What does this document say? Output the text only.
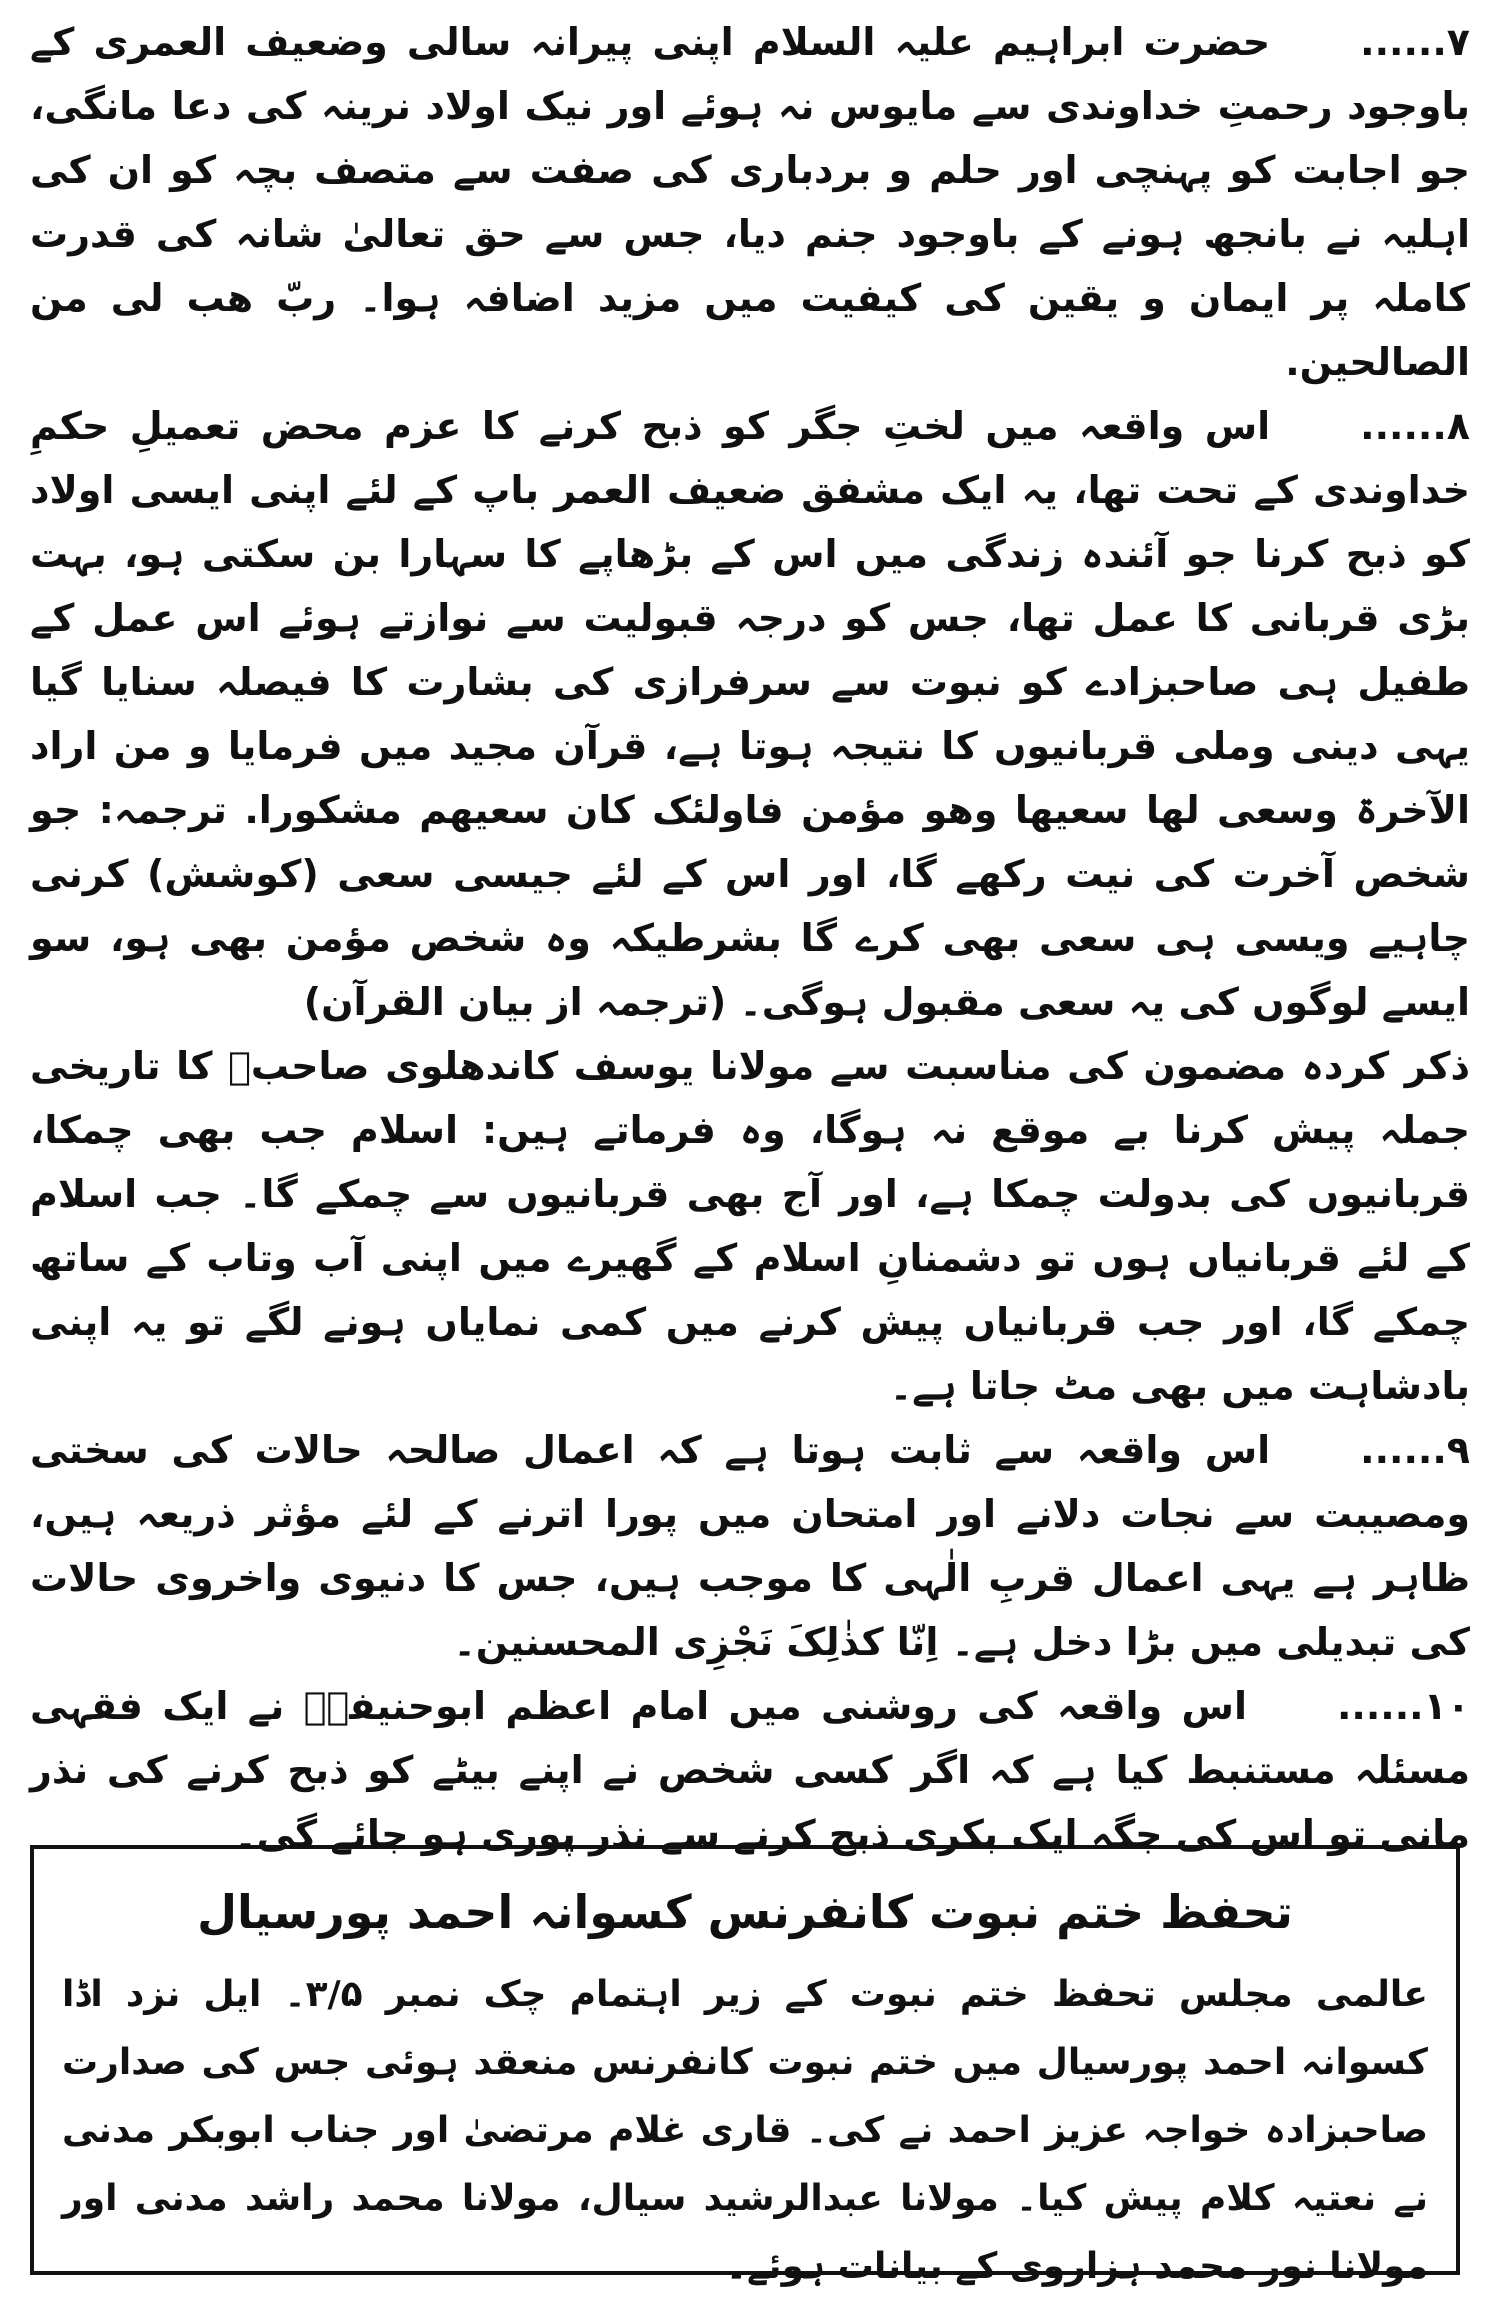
۷......حضرت ابراہیم علیہ السلام اپنی پیرانہ سالی وضعیف العمری کے باوجود رحمتِ خداوندی سے مایوس نہ ہوئے اور نیک اولاد نرینہ کی دعا مانگی، جو اجابت کو پہنچی اور حلم و بردباری کی صفت سے متصف بچہ کو ان کی اہلیہ نے بانجھ ہونے کے باوجود جنم دیا، جس سے حق تعالیٰ شانہ کی قدرت کاملہ پر ایمان و یقین کی کیفیت میں مزید اضافہ ہوا۔ ربّ ھب لی من الصالحین.

۸......اس واقعہ میں لختِ جگر کو ذبح کرنے کا عزم محض تعمیلِ حکمِ خداوندی کے تحت تھا، یہ ایک مشفق ضعیف العمر باپ کے لئے اپنی ایسی اولاد کو ذبح کرنا جو آئندہ زندگی میں اس کے بڑھاپے کا سہارا بن سکتی ہو، بہت بڑی قربانی کا عمل تھا، جس کو درجہ قبولیت سے نوازتے ہوئے اس عمل کے طفیل ہی صاحبزادے کو نبوت سے سرفرازی کی بشارت کا فیصلہ سنایا گیا یہی دینی وملی قربانیوں کا نتیجہ ہوتا ہے، قرآن مجید میں فرمایا و من اراد الآخرۃ وسعی لھا سعیھا وھو مؤمن فاولئک کان سعیھم مشکورا. ترجمہ: جو شخص آخرت کی نیت رکھے گا، اور اس کے لئے جیسی سعی (کوشش) کرنی چاہیے ویسی ہی سعی بھی کرے گا بشرطیکہ وہ شخص مؤمن بھی ہو، سو ایسے لوگوں کی یہ سعی مقبول ہوگی۔ (ترجمہ از بیان القرآن)

ذکر کردہ مضمون کی مناسبت سے مولانا یوسف کاندھلوی صاحبؒ کا تاریخی جملہ پیش کرنا بے موقع نہ ہوگا، وہ فرماتے ہیں: اسلام جب بھی چمکا، قربانیوں کی بدولت چمکا ہے، اور آج بھی قربانیوں سے چمکے گا۔ جب اسلام کے لئے قربانیاں ہوں تو دشمنانِ اسلام کے گھیرے میں اپنی آب وتاب کے ساتھ چمکے گا، اور جب قربانیاں پیش کرنے میں کمی نمایاں ہونے لگے تو یہ اپنی بادشاہت میں بھی مٹ جاتا ہے۔

۹......اس واقعہ سے ثابت ہوتا ہے کہ اعمال صالحہ حالات کی سختی ومصیبت سے نجات دلانے اور امتحان میں پورا اترنے کے لئے مؤثر ذریعہ ہیں، ظاہر ہے یہی اعمال قربِ الٰہی کا موجب ہیں، جس کا دنیوی واخروی حالات کی تبدیلی میں بڑا دخل ہے۔ اِنّا کذٰلِکَ نَجْزِی المحسنین۔

۱۰......اس واقعہ کی روشنی میں امام اعظم ابوحنیفہؒ نے ایک فقہی مسئلہ مستنبط کیا ہے کہ اگر کسی شخص نے اپنے بیٹے کو ذبح کرنے کی نذر مانی تو اس کی جگہ ایک بکری ذبح کرنے سے نذر پوری ہو جائے گی۔

تحفظ ختم نبوت کانفرنس کسوانہ احمد پورسیال

عالمی مجلس تحفظ ختم نبوت کے زیر اہتمام چک نمبر ۳/۵۔ ایل نزد اڈا کسوانہ احمد پورسیال میں ختم نبوت کانفرنس منعقد ہوئی جس کی صدارت صاحبزادہ خواجہ عزیز احمد نے کی۔ قاری غلام مرتضیٰ اور جناب ابوبکر مدنی نے نعتیہ کلام پیش کیا۔ مولانا عبدالرشید سیال، مولانا محمد راشد مدنی اور مولانا نور محمد ہزاروی کے بیانات ہوئے۔
